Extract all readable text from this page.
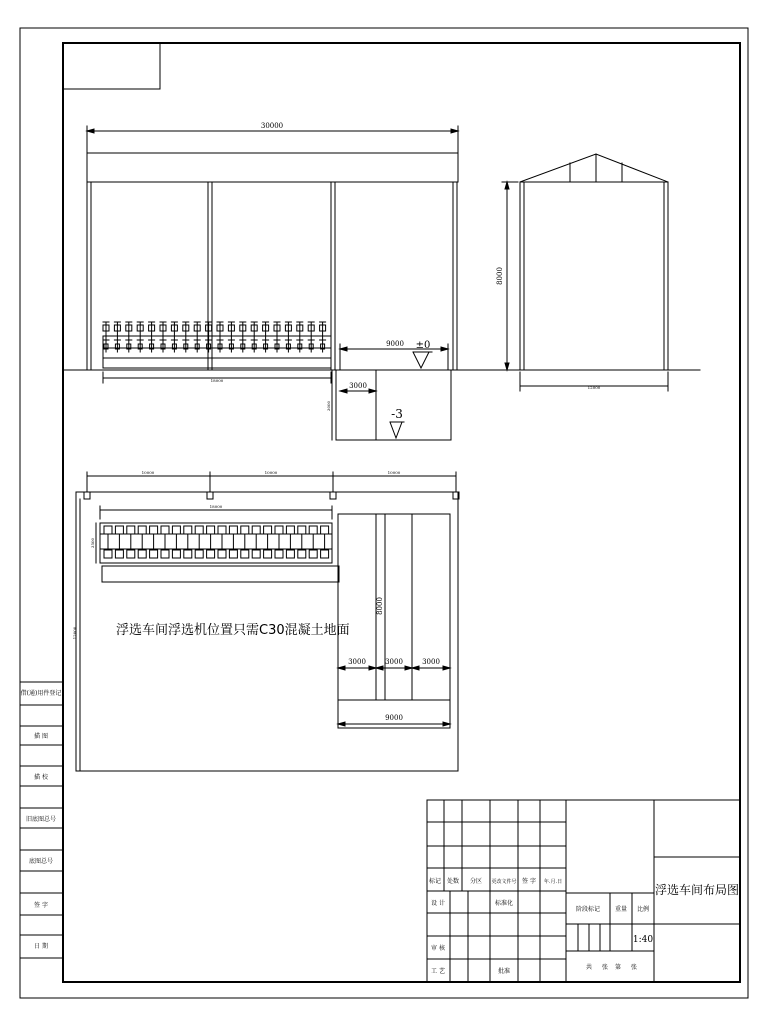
借(通)用件登记
描 图
描 校
旧底图总号
底图总号
签 字
日 期
30000
9000 ±0
3000
-3
18000
3000
8000
12000
10000	10000	10000
18000
3500
12000
8000
3000	3000	3000
9000
浮选车间浮选机位置只需C30混凝土地面
标记 处数 分区 更改文件号 签 字 年.月.日
设 计
审 核
工 艺
标准化
批准
阶段标记 重量 比例
1:40
共 张 第 张
浮选车间布局图
